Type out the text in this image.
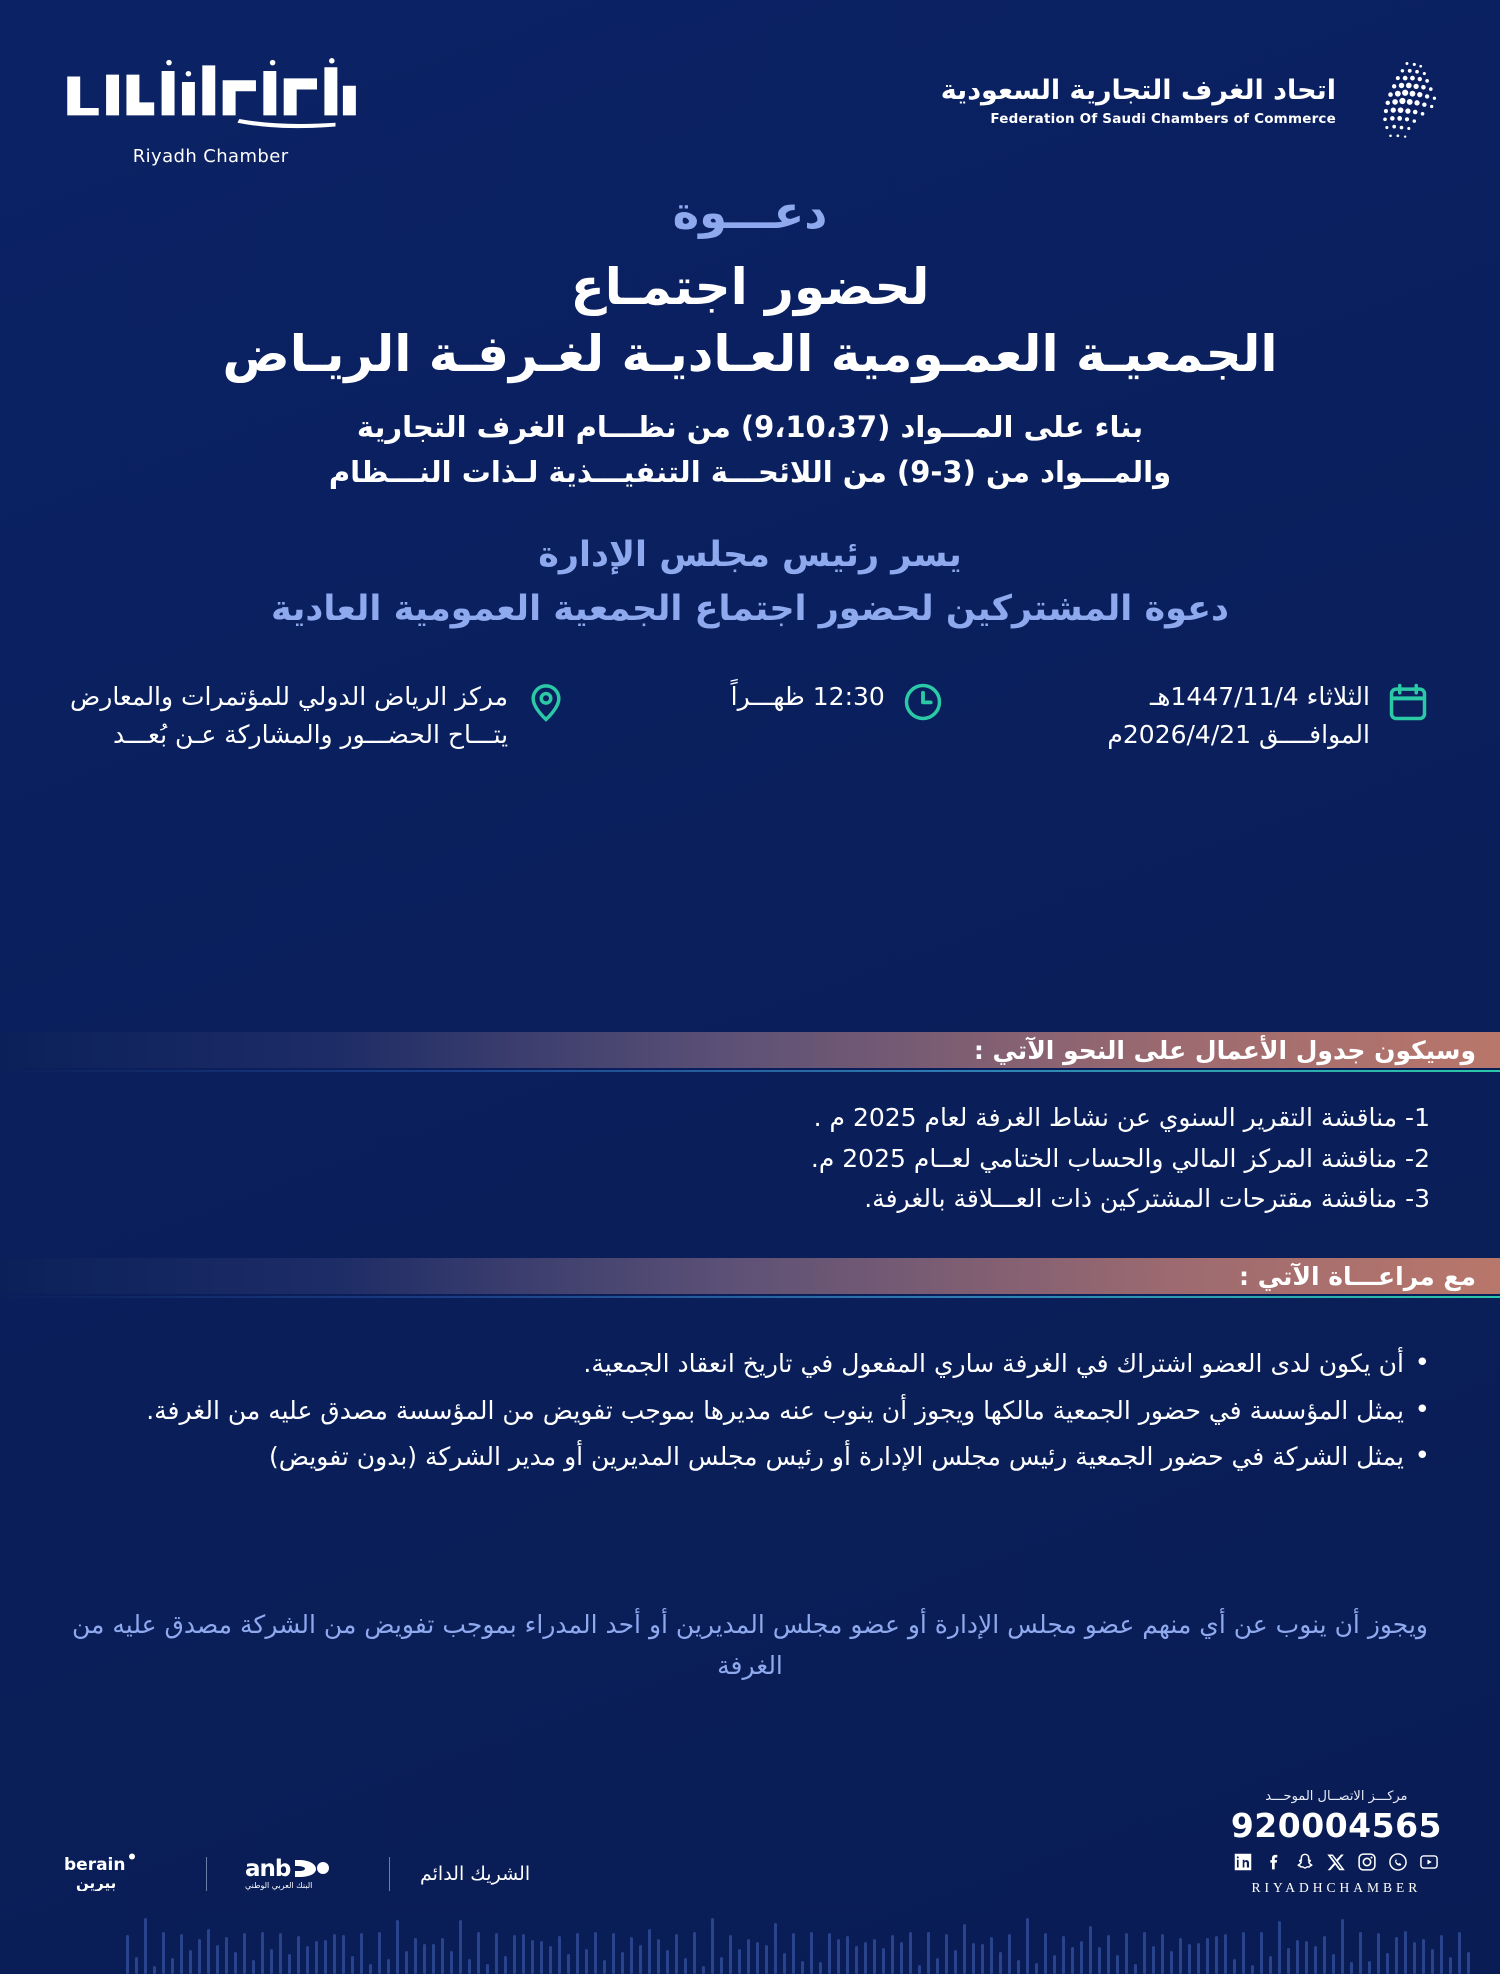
اتحاد الغرف التجارية السعودية
Federation Of Saudi Chambers of Commerce
Riyadh Chamber
دعـــوة
لحضور اجتمـاع
الجمعيـة العمـومية العـاديـة لغـرفـة الريـاض
بناء على المـــواد (9،10،37) من نظـــام الغرف التجارية
والمـــواد من (3-9) من اللائحـــة التنفيـــذية لـذات النـــظام
يسر رئيس مجلس الإدارة
دعوة المشتركين لحضور اجتماع الجمعية العمومية العادية
الثلاثاء 1447/11/4هـ
الموافــــق 2026/4/21م
12:30 ظهـــراً
مركز الرياض الدولي للمؤتمرات والمعارض
يتـــاح الحضـــور والمشاركة عـن بُعـــد
وسيكون جدول الأعمال على النحو الآتي :
1- مناقشة التقرير السنوي عن نشاط الغرفة لعام 2025 م .
2- مناقشة المركز المالي والحساب الختامي لعــام 2025 م.
3- مناقشة مقترحات المشتركين ذات العـــلاقة بالغرفة.
مع مراعـــاة الآتي :
• أن يكون لدى العضو اشتراك في الغرفة ساري المفعول في تاريخ انعقاد الجمعية.
• يمثل المؤسسة في حضور الجمعية مالكها ويجوز أن ينوب عنه مديرها بموجب تفويض من المؤسسة مصدق عليه من الغرفة.
• يمثل الشركة في حضور الجمعية رئيس مجلس الإدارة أو رئيس مجلس المديرين أو مدير الشركة (بدون تفويض)
ويجوز أن ينوب عن أي منهم عضو مجلس الإدارة أو عضو مجلس المديرين أو أحد المدراء بموجب تفويض من الشركة مصدق عليه من الغرفة
مركـــز الاتصــال الموحـــد
920004565
RIYADHCHAMBER
berain
بيرين
anb
البنك العربي الوطني
الشريك الدائم
